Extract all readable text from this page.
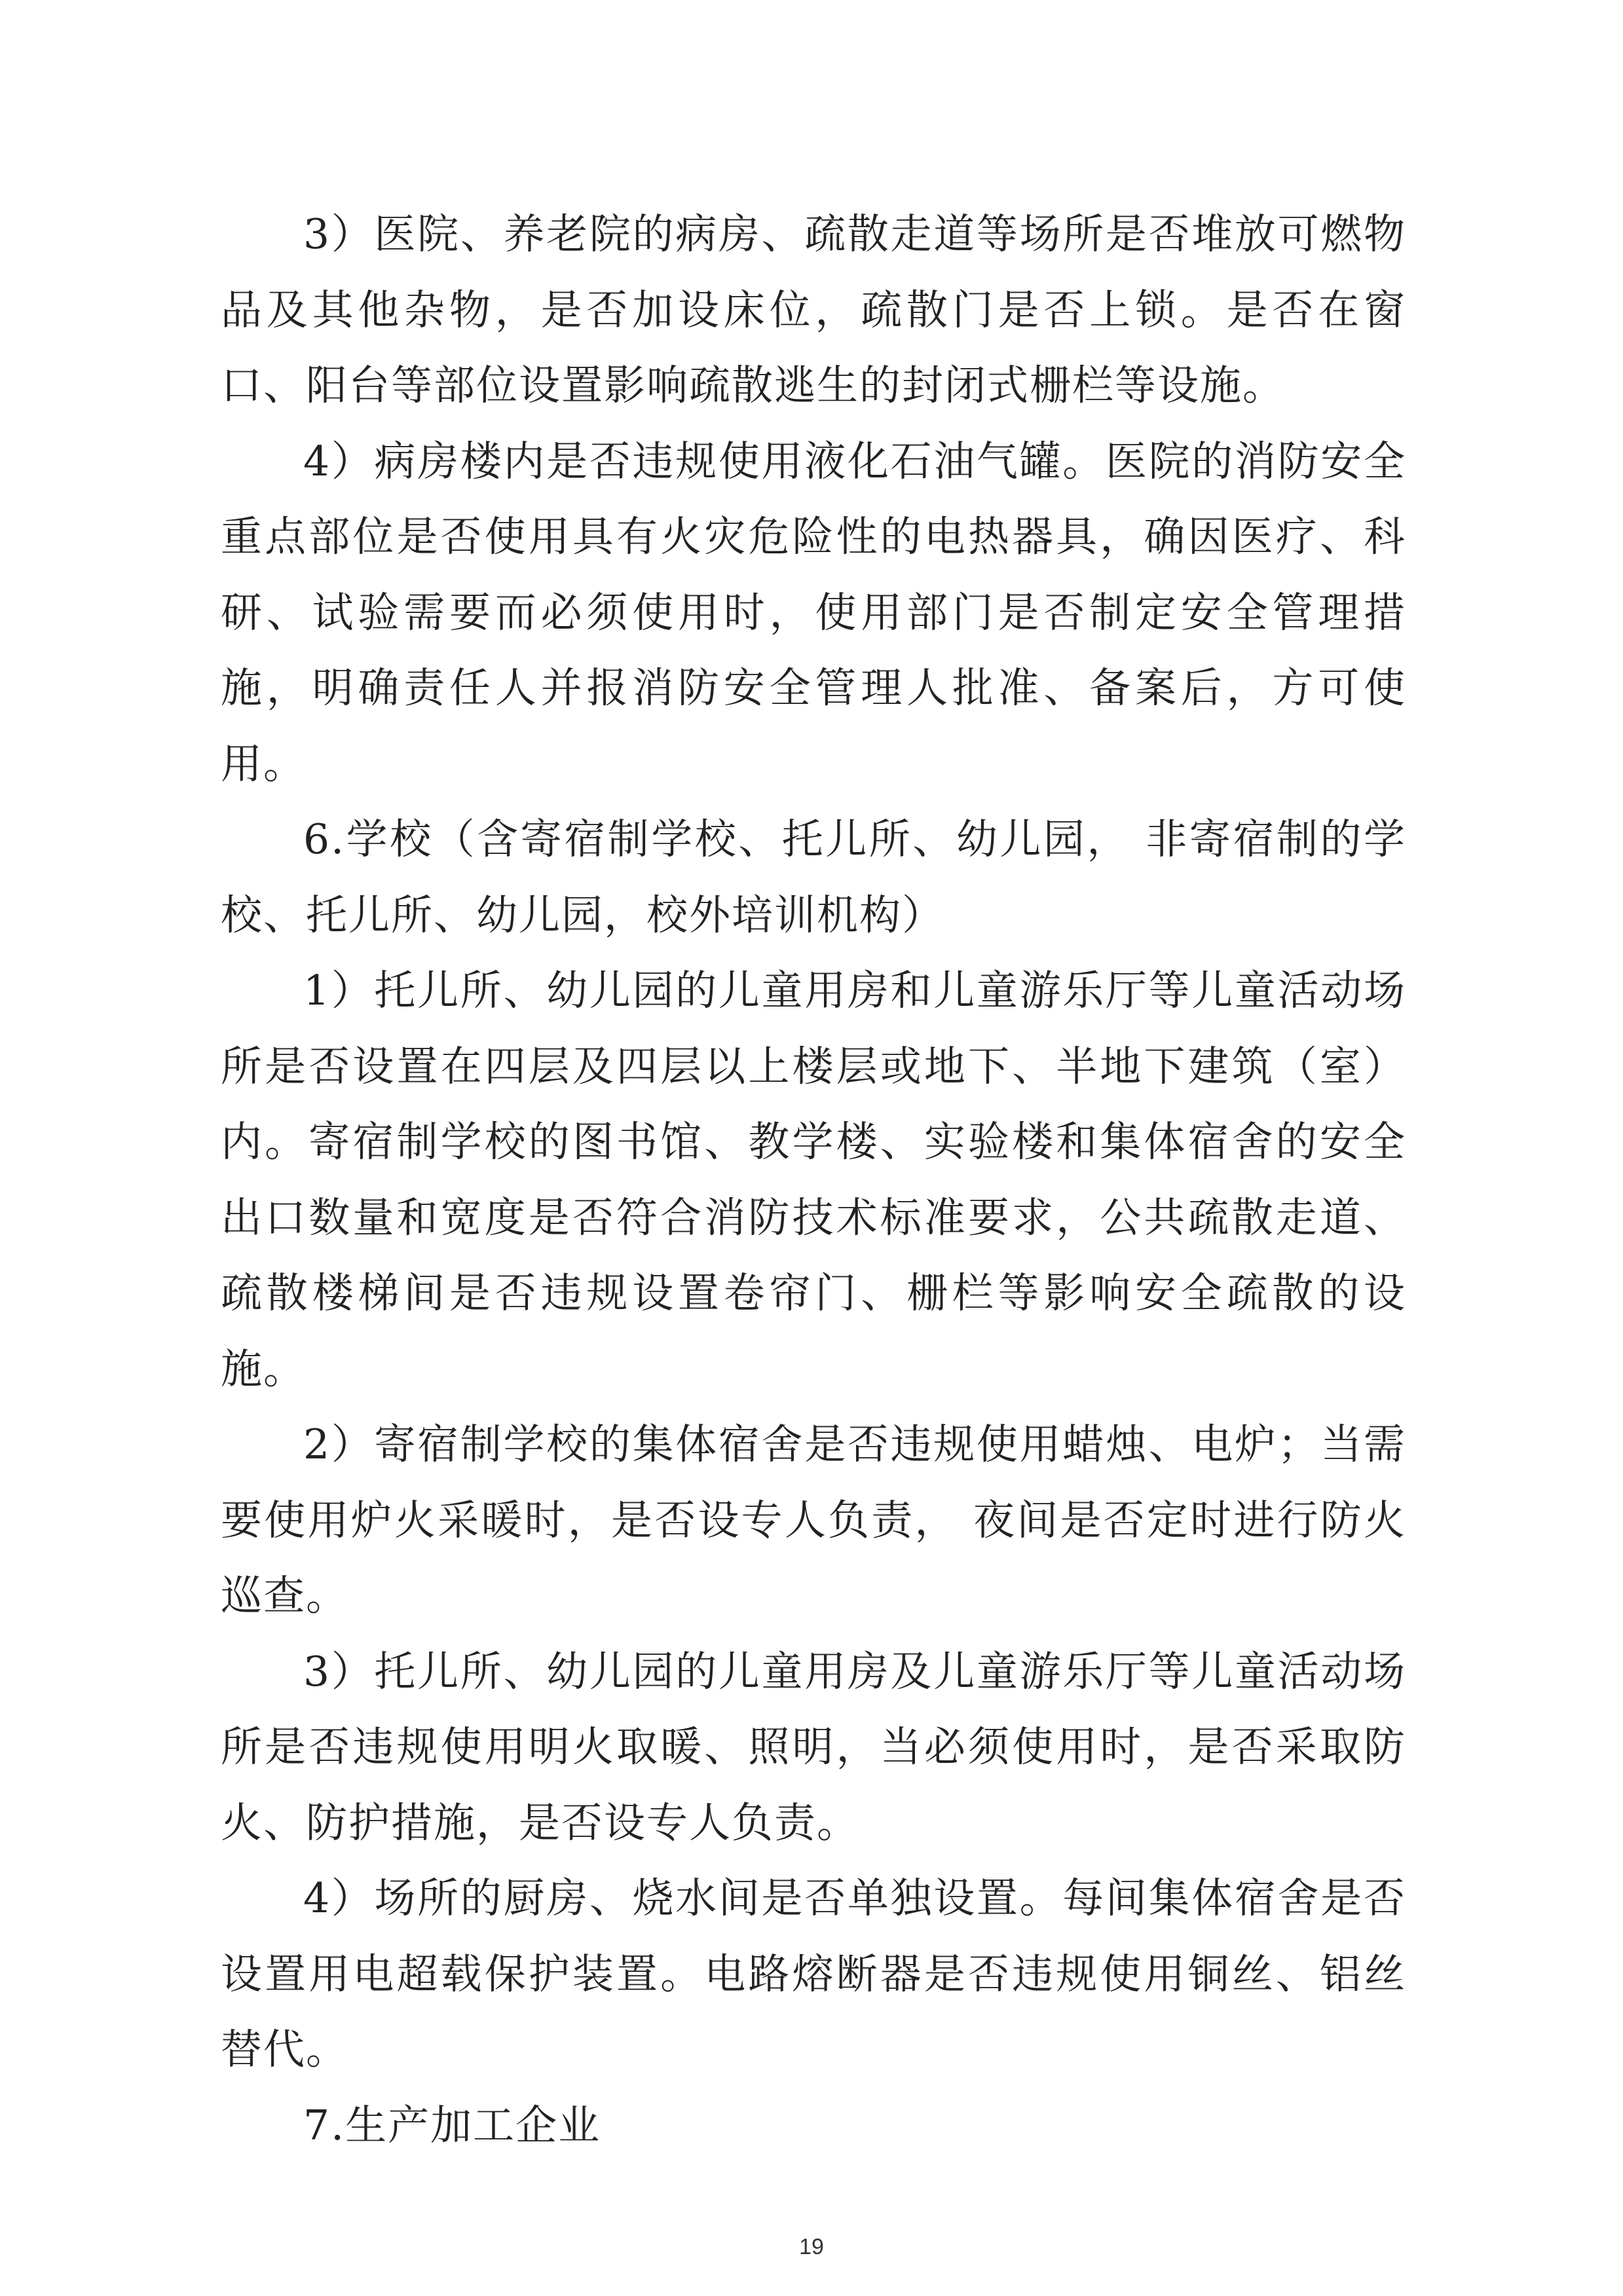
3）医院、养老院的病房、疏散走道等场所是否堆放可燃物品及其他杂物，是否加设床位，疏散门是否上锁。是否在窗口、阳台等部位设置影响疏散逃生的封闭式栅栏等设施。

4）病房楼内是否违规使用液化石油气罐。医院的消防安全重点部位是否使用具有火灾危险性的电热器具，确因医疗、科研、试验需要而必须使用时，使用部门是否制定安全管理措施，明确责任人并报消防安全管理人批准、备案后，方可使用。

6.学校（含寄宿制学校、托儿所、幼儿园， 非寄宿制的学校、托儿所、幼儿园，校外培训机构）

1）托儿所、幼儿园的儿童用房和儿童游乐厅等儿童活动场所是否设置在四层及四层以上楼层或地下、半地下建筑（室）内。寄宿制学校的图书馆、教学楼、实验楼和集体宿舍的安全出口数量和宽度是否符合消防技术标准要求，公共疏散走道、疏散楼梯间是否违规设置卷帘门、栅栏等影响安全疏散的设施。

2）寄宿制学校的集体宿舍是否违规使用蜡烛、电炉；当需要使用炉火采暖时，是否设专人负责， 夜间是否定时进行防火巡查。

3）托儿所、幼儿园的儿童用房及儿童游乐厅等儿童活动场所是否违规使用明火取暖、照明，当必须使用时，是否采取防火、防护措施，是否设专人负责。

4）场所的厨房、烧水间是否单独设置。每间集体宿舍是否设置用电超载保护装置。电路熔断器是否违规使用铜丝、铝丝替代。

7.生产加工企业

19
